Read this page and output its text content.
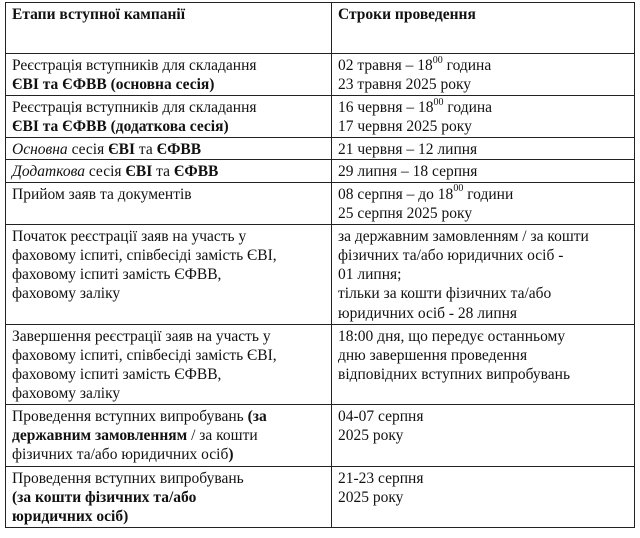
Етапи вступної кампанії	Строки проведення

Реєстрація вступників для складання
ЄВІ та ЄФВВ (основна сесія)	02 травня – $18^{00}$ година
23 травня 2025 року

Реєстрація вступників для складання
ЄВІ та ЄФВВ (додаткова сесія)	16 червня – $18^{00}$ година
17 червня 2025 року

Основна сесія ЄВІ та ЄФВВ	21 червня – 12 липня

Додаткова сесія ЄВІ та ЄФВВ	29 липня – 18 серпня

Прийом заяв та документів	08 серпня – до $18^{00}$ години
25 серпня 2025 року

Початок реєстрації заяв на участь у
фаховому іспиті, співбесіді замість ЄВІ,
фаховому іспиті замість ЄФВВ,
фаховому заліку	за державним замовленням / за кошти
фізичних та/або юридичних осіб -
01 липня;
тільки за кошти фізичних та/або
юридичних осіб - 28 липня

Завершення реєстрації заяв на участь у
фаховому іспиті, співбесіді замість ЄВІ,
фаховому іспиті замість ЄФВВ,
фаховому заліку	18:00 дня, що передує останньому
дню завершення проведення
відповідних вступних випробувань

Проведення вступних випробувань (за
державним замовленням / за кошти
фізичних та/або юридичних осіб)	04-07 серпня
2025 року

Проведення вступних випробувань
(за кошти фізичних та/або
юридичних осіб)	21-23 серпня
2025 року
